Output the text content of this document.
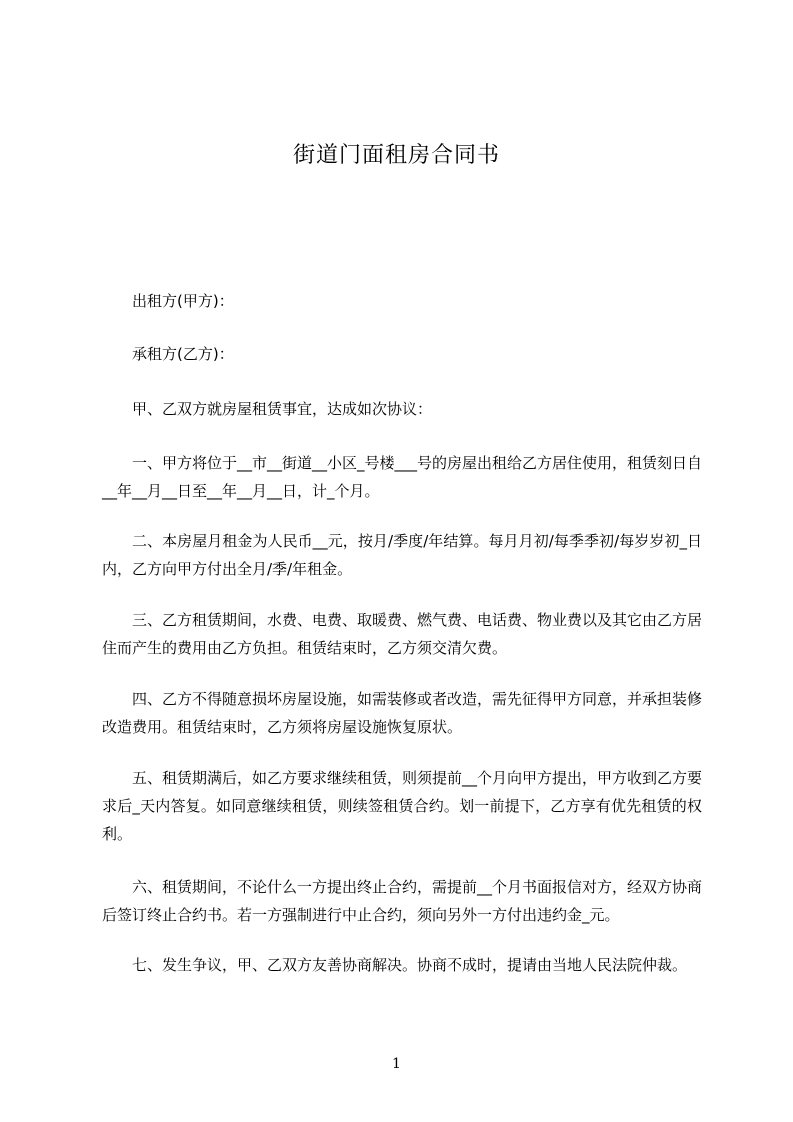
街道门面租房合同书
出租方(甲方)：
承租方(乙方)：
甲、乙双方就房屋租赁事宜，达成如次协议：
一、甲方将位于__市__街道__小区_号楼___号的房屋出租给乙方居住使用，租赁刻日自__年__月__日至__年__月__日，计_个月。
二、本房屋月租金为人民币__元，按月/季度/年结算。每月月初/每季季初/每岁岁初_日内，乙方向甲方付出全月/季/年租金。
三、乙方租赁期间，水费、电费、取暖费、燃气费、电话费、物业费以及其它由乙方居住而产生的费用由乙方负担。租赁结束时，乙方须交清欠费。
四、乙方不得随意损坏房屋设施，如需装修或者改造，需先征得甲方同意，并承担装修改造费用。租赁结束时，乙方须将房屋设施恢复原状。
五、租赁期满后，如乙方要求继续租赁，则须提前__个月向甲方提出，甲方收到乙方要求后_天内答复。如同意继续租赁，则续签租赁合约。划一前提下，乙方享有优先租赁的权利。
六、租赁期间，不论什么一方提出终止合约，需提前__个月书面报信对方，经双方协商后签订终止合约书。若一方强制进行中止合约，须向另外一方付出违约金_元。
七、发生争议，甲、乙双方友善协商解决。协商不成时，提请由当地人民法院仲裁。
1
